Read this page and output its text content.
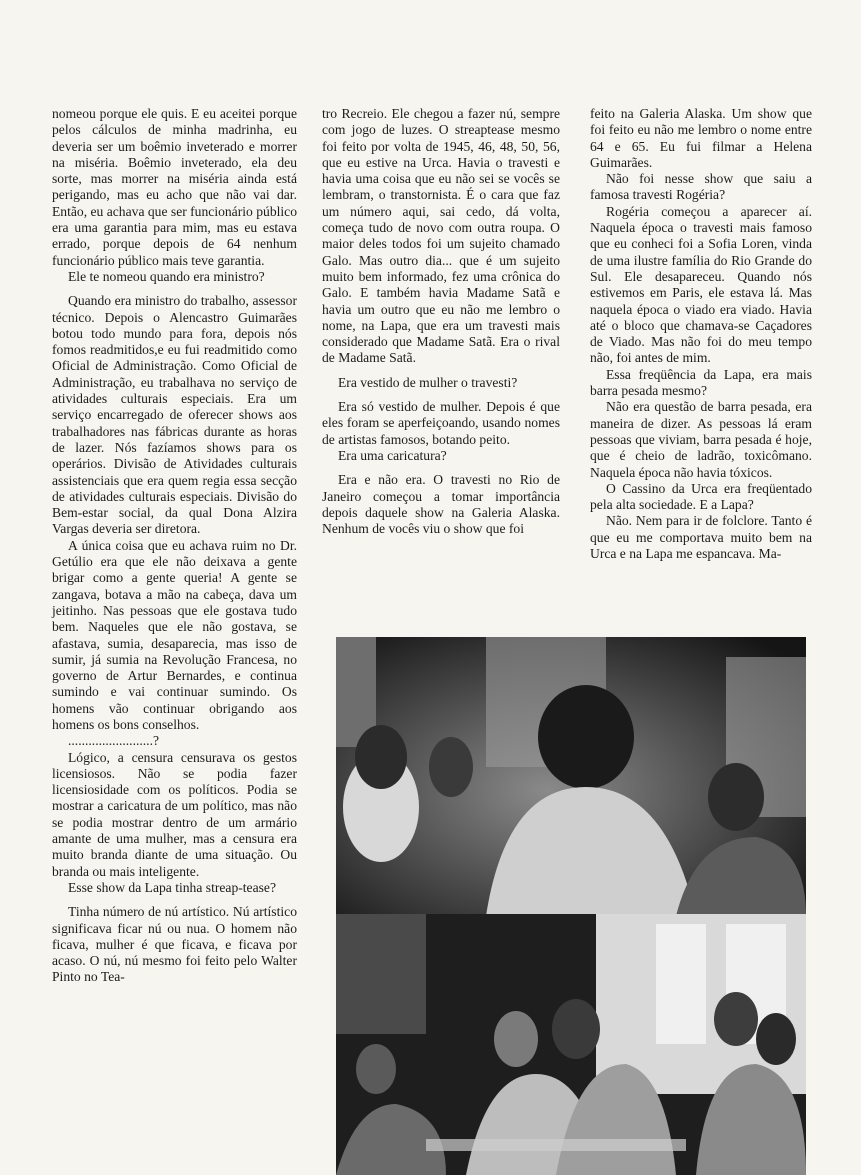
nomeou porque ele quis. E eu aceitei porque pelos cálculos de minha madrinha, eu deveria ser um boêmio inveterado e morrer na miséria. Boêmio inveterado, ela deu sorte, mas morrer na miséria ainda está perigando, mas eu acho que não vai dar. Então, eu achava que ser funcionário público era uma garantia para mim, mas eu estava errado, porque depois de 64 nenhum funcionário público mais teve garantia.

Ele te nomeou quando era ministro?

Quando era ministro do trabalho, assessor técnico. Depois o Alencastro Guimarães botou todo mundo para fora, depois nós fomos readmitidos,e eu fui readmitido como Oficial de Administração. Como Oficial de Administração, eu trabalhava no serviço de atividades culturais especiais. Era um serviço encarregado de oferecer shows aos trabalhadores nas fábricas durante as horas de lazer. Nós fazíamos shows para os operários. Divisão de Atividades culturais assistenciais que era quem regia essa secção de atividades culturais especiais. Divisão do Bem-estar social, da qual Dona Alzira Vargas deveria ser diretora.

A única coisa que eu achava ruim no Dr. Getúlio era que ele não deixava a gente brigar como a gente queria! A gente se zangava, botava a mão na cabeça, dava um jeitinho. Nas pessoas que ele gostava tudo bem. Naqueles que ele não gostava, se afastava, sumia, desaparecia, mas isso de sumir, já sumia na Revolução Francesa, no governo de Artur Bernardes, e continua sumindo e vai continuar sumindo. Os homens vão continuar obrigando aos homens os bons conselhos.

.........................?

Lógico, a censura censurava os gestos licensiosos. Não se podia fazer licensiosidade com os políticos. Podia se mostrar a caricatura de um político, mas não se podia mostrar dentro de um armário amante de uma mulher, mas a censura era muito branda diante de uma situação. Ou branda ou mais inteligente.

Esse show da Lapa tinha streap-tease?

Tinha número de nú artístico. Nú artístico significava ficar nú ou nua. O homem não ficava, mulher é que ficava, e ficava por acaso. O nú, nú mesmo foi feito pelo Walter Pinto no Tea-

tro Recreio. Ele chegou a fazer nú, sempre com jogo de luzes. O streaptease mesmo foi feito por volta de 1945, 46, 48, 50, 56, que eu estive na Urca. Havia o travesti e havia uma coisa que eu não sei se vocês se lembram, o transtornista. É o cara que faz um número aqui, sai cedo, dá volta, começa tudo de novo com outra roupa. O maior deles todos foi um sujeito chamado Galo. Mas outro dia... que é um sujeito muito bem informado, fez uma crônica do Galo. E também havia Madame Satã e havia um outro que eu não me lembro o nome, na Lapa, que era um travesti mais considerado que Madame Satã. Era o rival de Madame Satã.

Era vestido de mulher o travesti?

Era só vestido de mulher. Depois é que eles foram se aperfeiçoando, usando nomes de artistas famosos, botando peito.

Era uma caricatura?

Era e não era. O travesti no Rio de Janeiro começou a tomar importância depois daquele show na Galeria Alaska. Nenhum de vocês viu o show que foi

feito na Galeria Alaska. Um show que foi feito eu não me lembro o nome entre 64 e 65. Eu fui filmar a Helena Guimarães.

Não foi nesse show que saiu a famosa travesti Rogéria?

Rogéria começou a aparecer aí. Naquela época o travesti mais famoso que eu conheci foi a Sofia Loren, vinda de uma ilustre família do Rio Grande do Sul. Ele desapareceu. Quando nós estivemos em Paris, ele estava lá. Mas naquela época o viado era viado. Havia até o bloco que chamava-se Caçadores de Viado. Mas não foi do meu tempo não, foi antes de mim.

Essa freqüência da Lapa, era mais barra pesada mesmo?

Não era questão de barra pesada, era maneira de dizer. As pessoas lá eram pessoas que viviam, barra pesada é hoje, que é cheio de ladrão, toxicômano. Naquela época não havia tóxicos.

O Cassino da Urca era freqüentado pela alta sociedade. E a Lapa?

Não. Nem para ir de folclore. Tanto é que eu me comportava muito bem na Urca e na Lapa me espancava. Ma-
